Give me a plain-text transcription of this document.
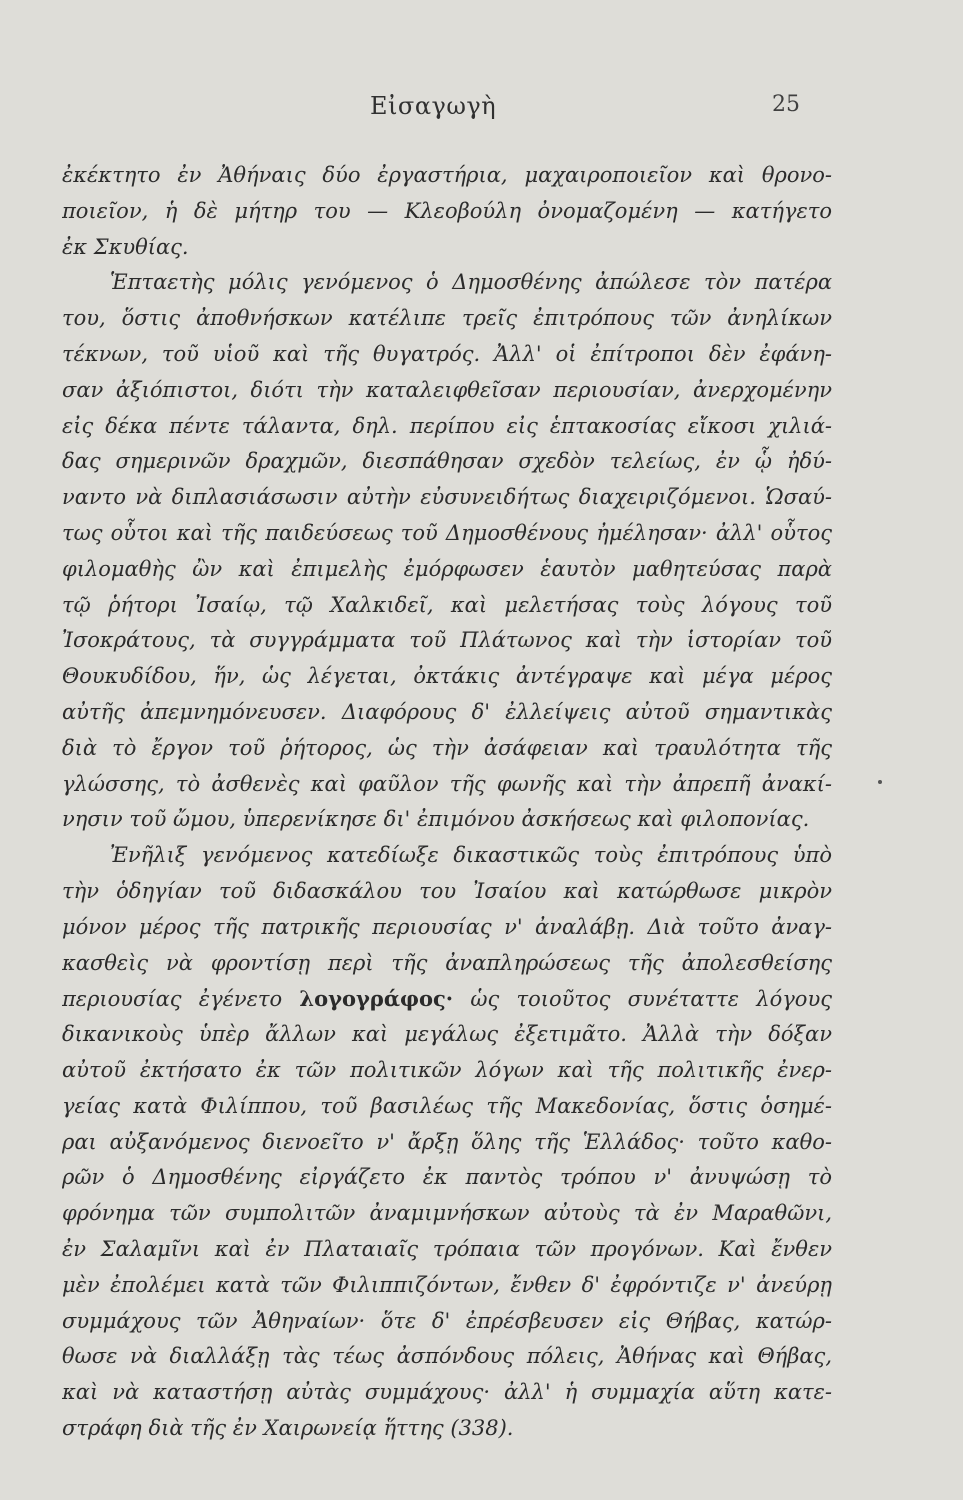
Εἰσαγωγὴ	25
ἐκέκτητο ἐν Ἀθήναις δύο ἐργαστήρια, μαχαιροποιεῖον καὶ θρονο-
ποιεῖον, ἡ δὲ μήτηρ του — Κλεοβούλη ὀνομαζομένη — κατήγετο
ἐκ Σκυθίας.
Ἑπταετὴς μόλις γενόμενος ὁ Δημοσθένης ἀπώλεσε τὸν πατέρα
του, ὅστις ἀποθνήσκων κατέλιπε τρεῖς ἐπιτρόπους τῶν ἀνηλίκων
τέκνων, τοῦ υἱοῦ καὶ τῆς θυγατρός. Ἀλλ' οἱ ἐπίτροποι δὲν ἐφάνη-
σαν ἀξιόπιστοι, διότι τὴν καταλειφθεῖσαν περιουσίαν, ἀνερχομένην
εἰς δέκα πέντε τάλαντα, δηλ. περίπου εἰς ἑπτακοσίας εἴκοσι χιλιά-
δας σημερινῶν δραχμῶν, διεσπάθησαν σχεδὸν τελείως, ἐν ᾧ ἠδύ-
ναντο νὰ διπλασιάσωσιν αὐτὴν εὐσυνειδήτως διαχειριζόμενοι. Ὡσαύ-
τως οὗτοι καὶ τῆς παιδεύσεως τοῦ Δημοσθένους ἠμέλησαν· ἀλλ' οὗτος
φιλομαθὴς ὢν καὶ ἐπιμελὴς ἐμόρφωσεν ἑαυτὸν μαθητεύσας παρὰ
τῷ ῥήτορι Ἰσαίῳ, τῷ Χαλκιδεῖ, καὶ μελετήσας τοὺς λόγους τοῦ
Ἰσοκράτους, τὰ συγγράμματα τοῦ Πλάτωνος καὶ τὴν ἱστορίαν τοῦ
Θουκυδίδου, ἥν, ὡς λέγεται, ὀκτάκις ἀντέγραψε καὶ μέγα μέρος
αὐτῆς ἀπεμνημόνευσεν. Διαφόρους δ' ἐλλείψεις αὐτοῦ σημαντικὰς
διὰ τὸ ἔργον τοῦ ῥήτορος, ὡς τὴν ἀσάφειαν καὶ τραυλότητα τῆς
γλώσσης, τὸ ἀσθενὲς καὶ φαῦλον τῆς φωνῆς καὶ τὴν ἀπρεπῆ ἀνακί-
νησιν τοῦ ὤμου, ὑπερενίκησε δι' ἐπιμόνου ἀσκήσεως καὶ φιλοπονίας.
Ἐνῆλιξ γενόμενος κατεδίωξε δικαστικῶς τοὺς ἐπιτρόπους ὑπὸ
τὴν ὁδηγίαν τοῦ διδασκάλου του Ἰσαίου καὶ κατώρθωσε μικρὸν
μόνον μέρος τῆς πατρικῆς περιουσίας ν' ἀναλάβῃ. Διὰ τοῦτο ἀναγ-
κασθεὶς νὰ φροντίσῃ περὶ τῆς ἀναπληρώσεως τῆς ἀπολεσθείσης
περιουσίας ἐγένετο λογογράφος· ὡς τοιοῦτος συνέταττε λόγους
δικανικοὺς ὑπὲρ ἄλλων καὶ μεγάλως ἐξετιμᾶτο. Ἀλλὰ τὴν δόξαν
αὐτοῦ ἐκτήσατο ἐκ τῶν πολιτικῶν λόγων καὶ τῆς πολιτικῆς ἐνερ-
γείας κατὰ Φιλίππου, τοῦ βασιλέως τῆς Μακεδονίας, ὅστις ὁσημέ-
ραι αὐξανόμενος διενοεῖτο ν' ἄρξῃ ὅλης τῆς Ἑλλάδος· τοῦτο καθο-
ρῶν ὁ Δημοσθένης εἰργάζετο ἐκ παντὸς τρόπου ν' ἀνυψώσῃ τὸ
φρόνημα τῶν συμπολιτῶν ἀναμιμνήσκων αὐτοὺς τὰ ἐν Μαραθῶνι,
ἐν Σαλαμῖνι καὶ ἐν Πλαταιαῖς τρόπαια τῶν προγόνων. Καὶ ἔνθεν
μὲν ἐπολέμει κατὰ τῶν Φιλιππιζόντων, ἔνθεν δ' ἐφρόντιζε ν' ἀνεύρῃ
συμμάχους τῶν Ἀθηναίων· ὅτε δ' ἐπρέσβευσεν εἰς Θήβας, κατώρ-
θωσε νὰ διαλλάξῃ τὰς τέως ἀσπόνδους πόλεις, Ἀθήνας καὶ Θήβας,
καὶ νὰ καταστήσῃ αὐτὰς συμμάχους· ἀλλ' ἡ συμμαχία αὕτη κατε-
στράφη διὰ τῆς ἐν Χαιρωνείᾳ ἥττης (338).
